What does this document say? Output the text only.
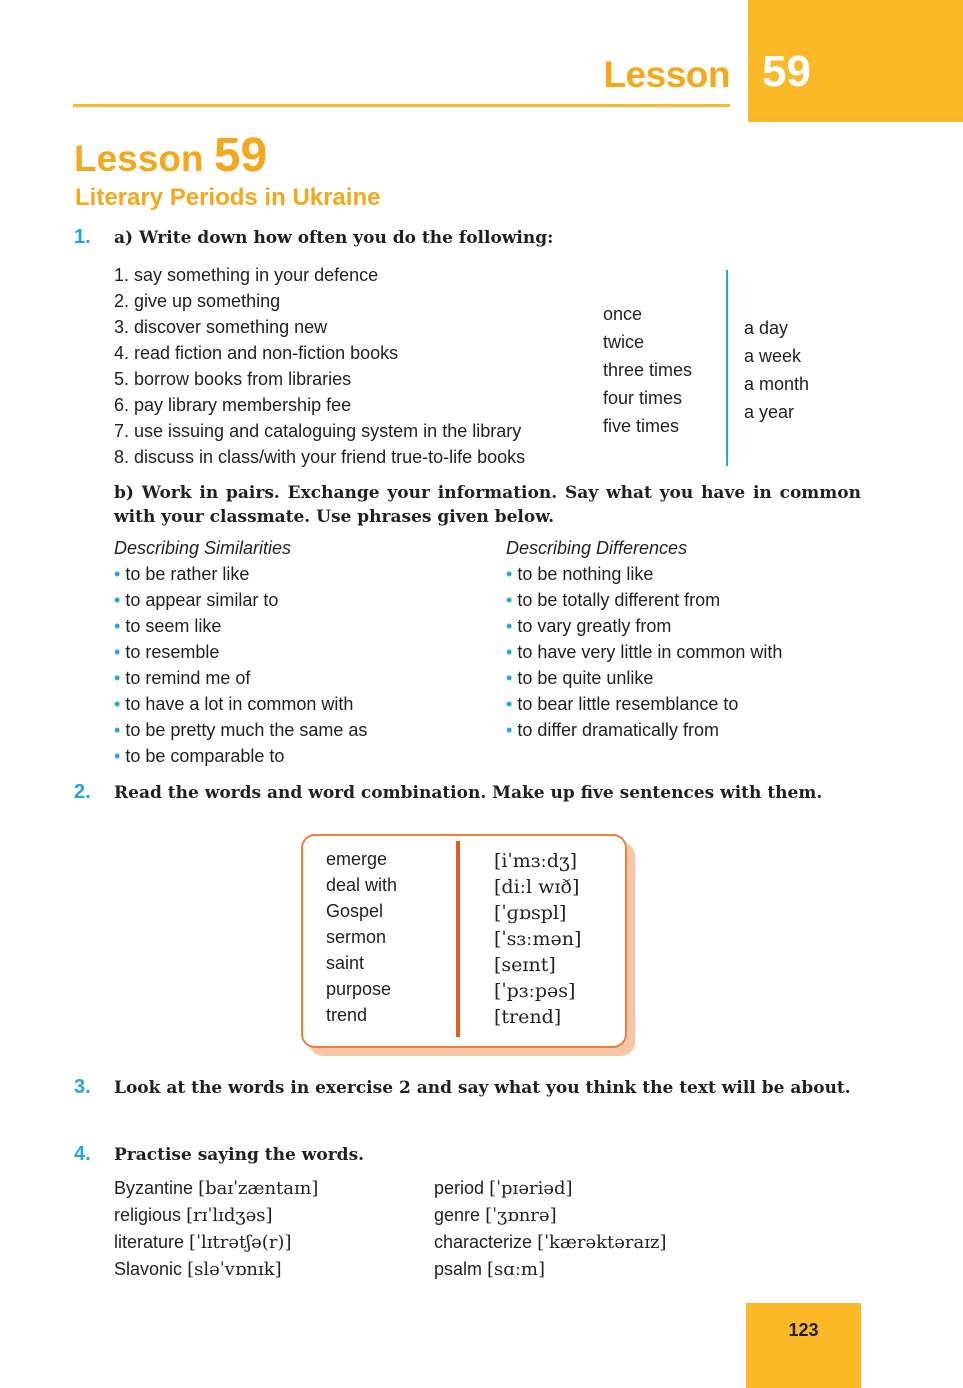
Lesson 59
Lesson 59
Literary Periods in Ukraine
1. a) Write down how often you do the following:
1. say something in your defence
2. give up something
3. discover something new
4. read fiction and non-fiction books
5. borrow books from libraries
6. pay library membership fee
7. use issuing and cataloguing system in the library
8. discuss in class/with your friend true-to-life books
once
twice
three times
four times
five times
a day
a week
a month
a year
b) Work in pairs. Exchange your information. Say what you have in common with your classmate. Use phrases given below.
Describing Similarities
• to be rather like
• to appear similar to
• to seem like
• to resemble
• to remind me of
• to have a lot in common with
• to be pretty much the same as
• to be comparable to
Describing Differences
• to be nothing like
• to be totally different from
• to vary greatly from
• to have very little in common with
• to be quite unlike
• to bear little resemblance to
• to differ dramatically from
2. Read the words and word combination. Make up five sentences with them.
emerge
deal with
Gospel
sermon
saint
purpose
trend
[iˈmɜːdʒ]
[diːl wɪð]
[ˈɡɒspl]
[ˈsɜːmən]
[seɪnt]
[ˈpɜːpəs]
[trend]
3. Look at the words in exercise 2 and say what you think the text will be about.
4. Practise saying the words.
Byzantine [baɪˈzæntaɪn]
religious [rɪˈlɪdʒəs]
literature [ˈlɪtrətʃə(r)]
Slavonic [sləˈvɒnɪk]
period [ˈpɪəriəd]
genre [ˈʒɒnrə]
characterize [ˈkærəktəraɪz]
psalm [sɑːm]
123
